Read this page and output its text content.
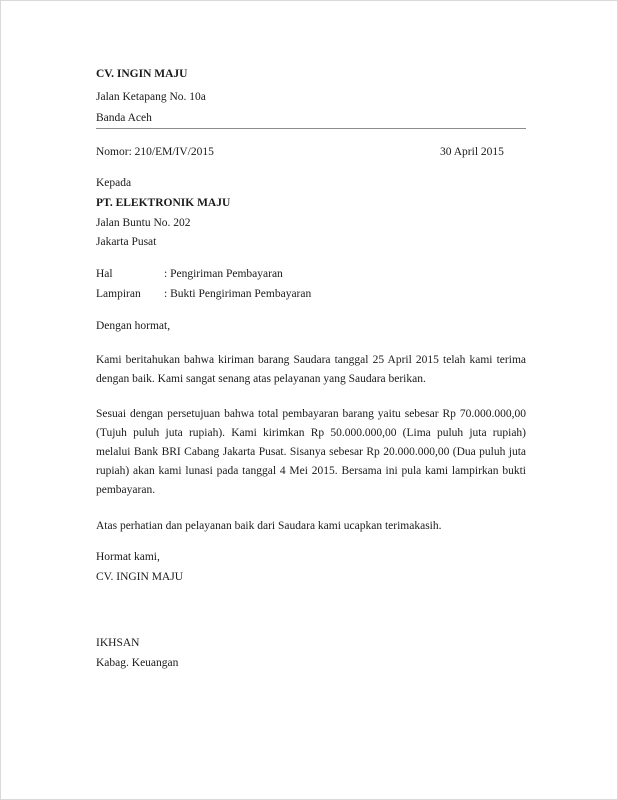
CV. INGIN MAJU
Jalan Ketapang No. 10a
Banda Aceh
Nomor: 210/EM/IV/2015	30 April 2015
Kepada
PT. ELEKTRONIK MAJU
Jalan Buntu No. 202
Jakarta Pusat
Hal	: Pengiriman Pembayaran
Lampiran : Bukti Pengiriman Pembayaran
Dengan hormat,
Kami beritahukan bahwa kiriman barang Saudara tanggal 25 April 2015 telah kami terima dengan baik. Kami sangat senang atas pelayanan yang Saudara berikan.
Sesuai dengan persetujuan bahwa total pembayaran barang yaitu sebesar Rp 70.000.000,00 (Tujuh puluh juta rupiah). Kami kirimkan Rp 50.000.000,00 (Lima puluh juta rupiah) melalui Bank BRI Cabang Jakarta Pusat. Sisanya sebesar Rp 20.000.000,00 (Dua puluh juta rupiah) akan kami lunasi pada tanggal 4 Mei 2015. Bersama ini pula kami lampirkan bukti pembayaran.
Atas perhatian dan pelayanan baik dari Saudara kami ucapkan terimakasih.
Hormat kami,
CV. INGIN MAJU
IKHSAN
Kabag. Keuangan
